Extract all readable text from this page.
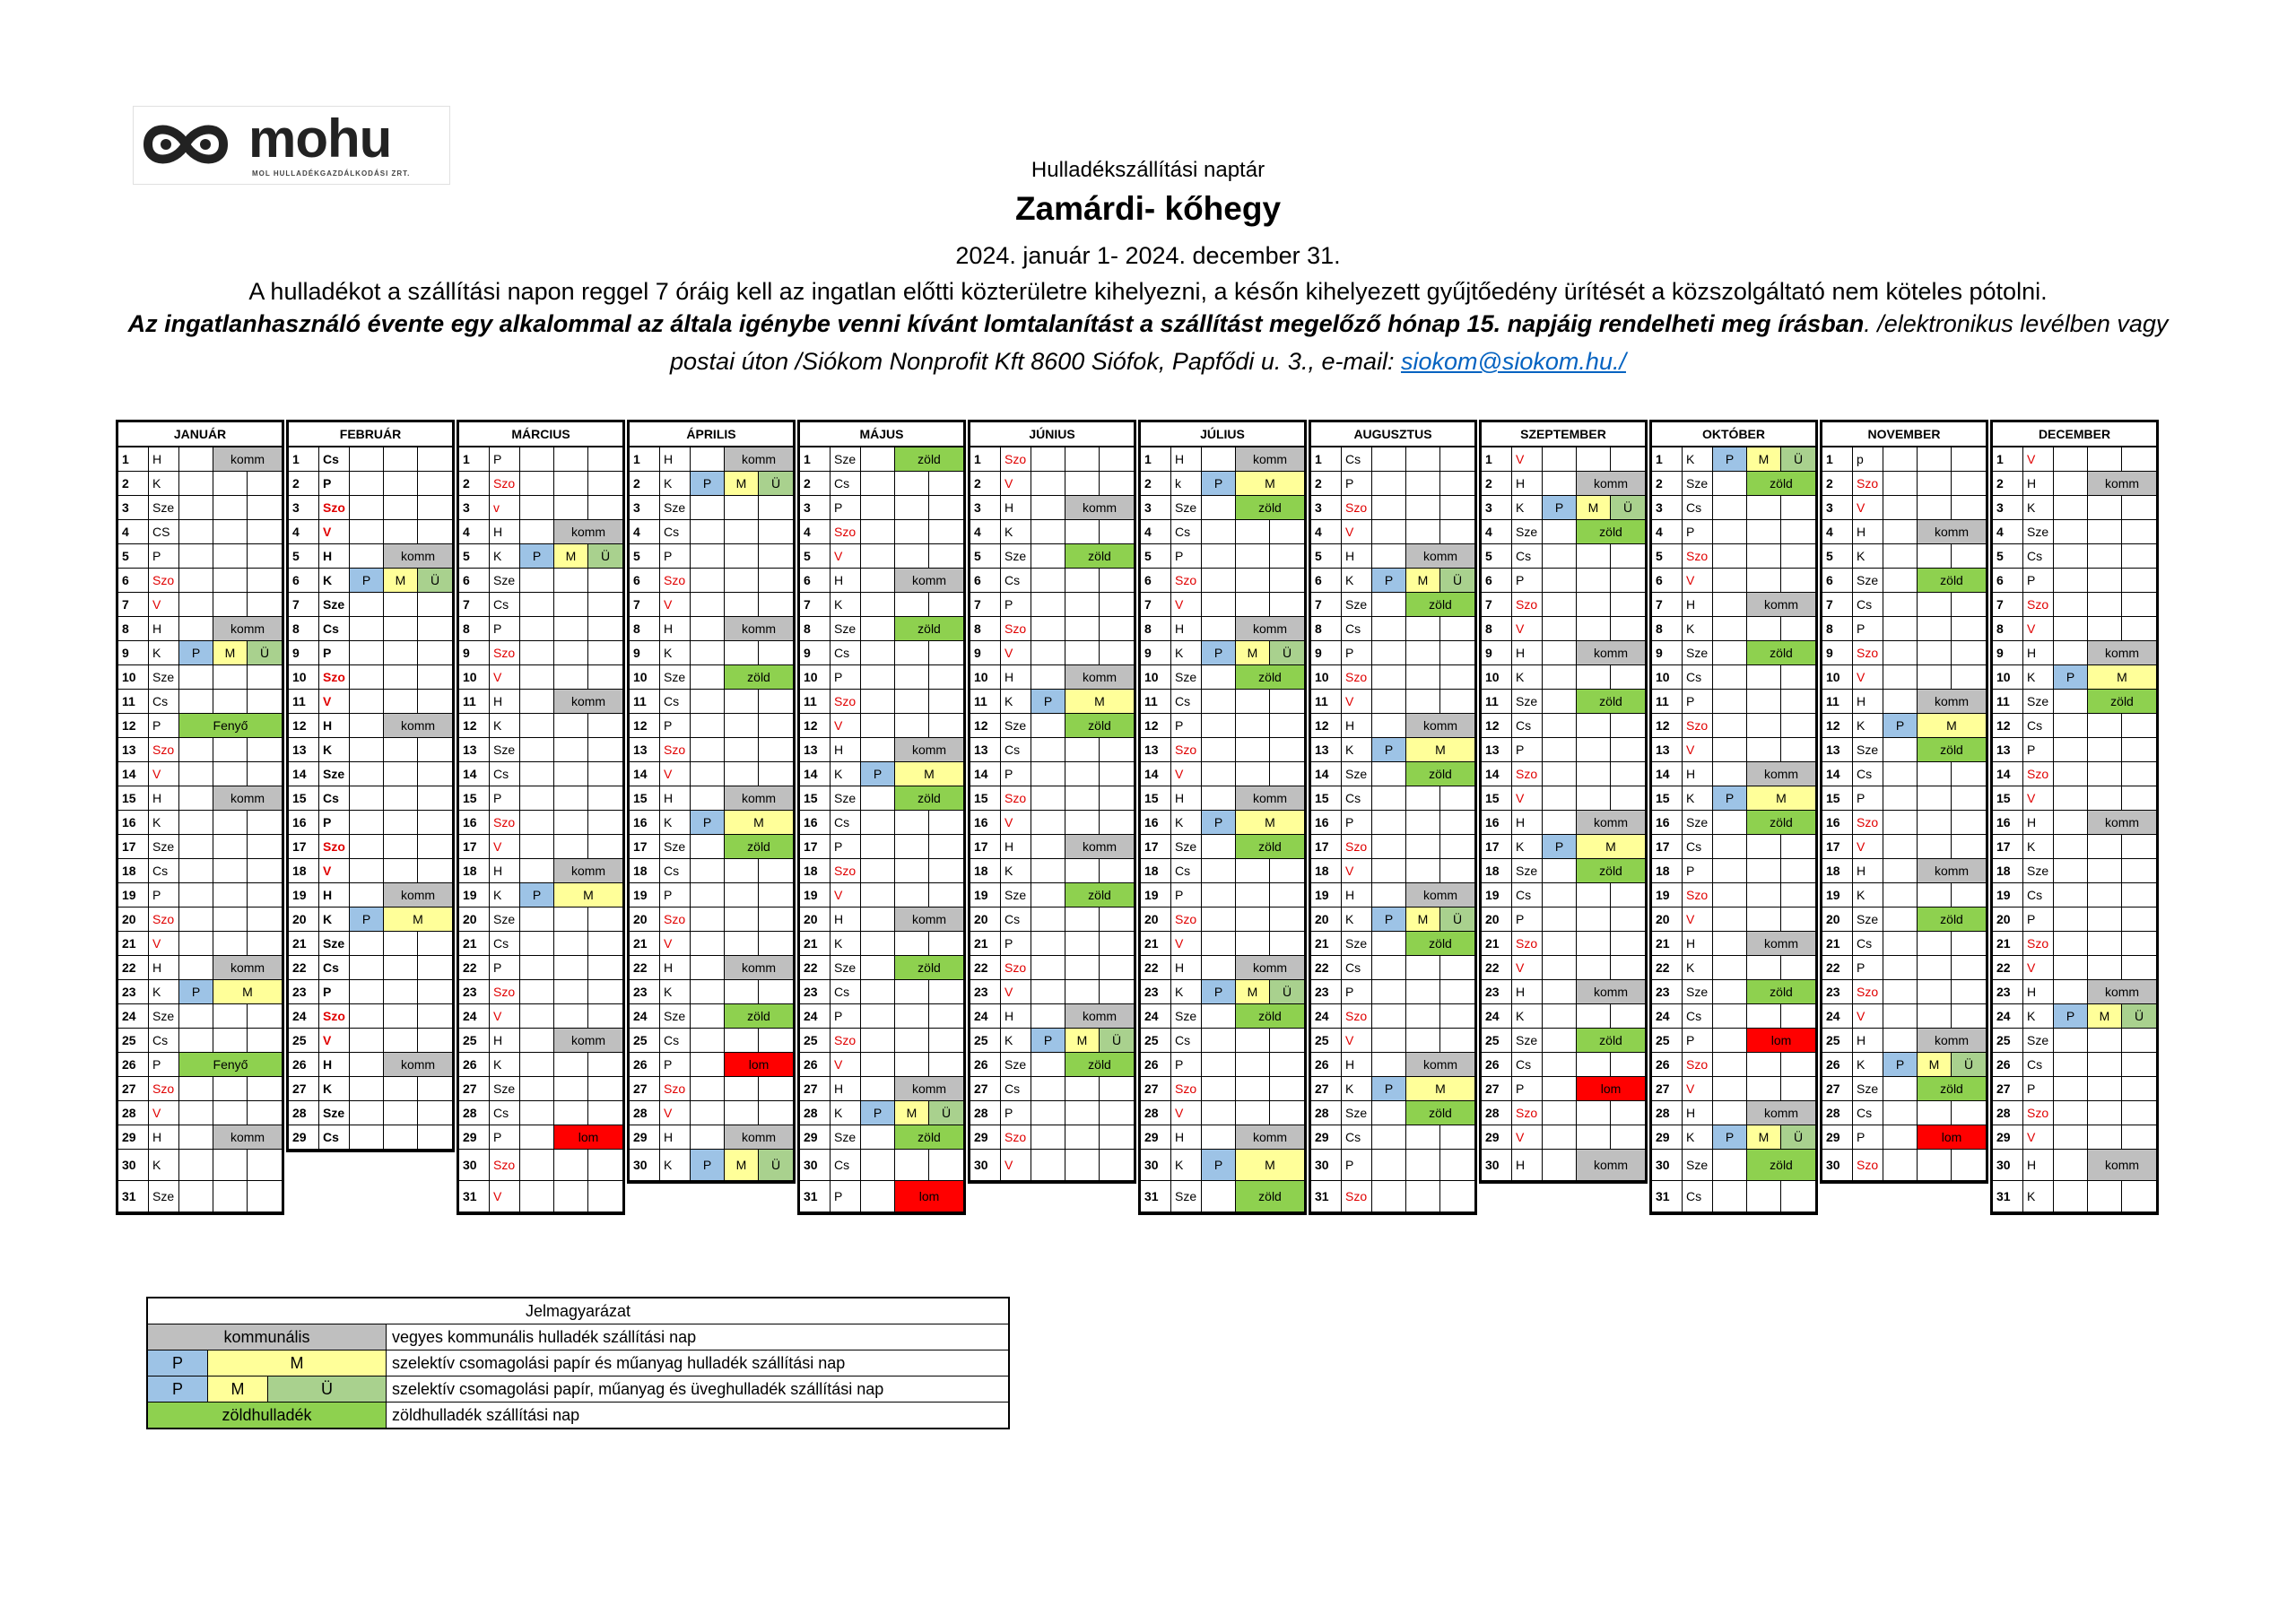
mohu
MOL HULLADÉKGAZDÁLKODÁSI ZRT.	Hulladékszállítási naptár
Zamárdi- kőhegy
2024. január 1- 2024. december 31.
A hulladékot a szállítási napon reggel 7 óráig kell az ingatlan előtti közterületre kihelyezni, a későn kihelyezett gyűjtőedény ürítését a közszolgáltató nem köteles pótolni.
Az ingatlanhasználó évente egy alkalommal az általa igénybe venni kívánt lomtalanítást a szállítást megelőző hónap 15. napjáig rendelheti meg írásban. /elektronikus levélben vagy
postai úton /Siókom Nonprofit Kft 8600 Siófok, Papfődi u. 3., e-mail: siokom@siokom.hu./
JANUÁR
1	H	komm
2	K
3	Sze
4	CS
5	P
6	Szo
7	V
8	H	komm
9	K	P	M	Ü
10	Sze
11	Cs
12	P	Fenyő
13	Szo
14	V
15	H	komm
16	K
17	Sze
18	Cs
19	P
20	Szo
21	V
22	H	komm
23	K	P	M
24	Sze
25	Cs
26	P	Fenyő
27	Szo
28	V
29	H	komm
30	K
31	Sze
FEBRUÁR
1	Cs
2	P
3	Szo
4	V
5	H	komm
6	K	P	M	Ü
7	Sze
8	Cs
9	P
10	Szo
11	V
12	H	komm
13	K
14	Sze
15	Cs
16	P
17	Szo
18	V
19	H	komm
20	K	P	M
21	Sze
22	Cs
23	P
24	Szo
25	V
26	H	komm
27	K
28	Sze
29	Cs
MÁRCIUS
1	P
2	Szo
3	v
4	H	komm
5	K	P	M	Ü
6	Sze
7	Cs
8	P
9	Szo
10	V
11	H	komm
12	K
13	Sze
14	Cs
15	P
16	Szo
17	V
18	H	komm
19	K	P	M
20	Sze
21	Cs
22	P
23	Szo
24	V
25	H	komm
26	K
27	Sze
28	Cs
29	P	lom
30	Szo
31	V
ÁPRILIS
1	H	komm
2	K	P	M	Ü
3	Sze
4	Cs
5	P
6	Szo
7	V
8	H	komm
9	K
10	Sze	zöld
11	Cs
12	P
13	Szo
14	V
15	H	komm
16	K	P	M
17	Sze	zöld
18	Cs
19	P
20	Szo
21	V
22	H	komm
23	K
24	Sze	zöld
25	Cs
26	P	lom
27	Szo
28	V
29	H	komm
30	K	P	M	Ü
MÁJUS
1	Sze	zöld
2	Cs
3	P
4	Szo
5	V
6	H	komm
7	K
8	Sze	zöld
9	Cs
10	P
11	Szo
12	V
13	H	komm
14	K	P	M
15	Sze	zöld
16	Cs
17	P
18	Szo
19	V
20	H	komm
21	K
22	Sze	zöld
23	Cs
24	P
25	Szo
26	V
27	H	komm
28	K	P	M	Ü
29	Sze	zöld
30	Cs
31	P	lom
JÚNIUS
1	Szo
2	V
3	H	komm
4	K
5	Sze	zöld
6	Cs
7	P
8	Szo
9	V
10	H	komm
11	K	P	M
12	Sze	zöld
13	Cs
14	P
15	Szo
16	V
17	H	komm
18	K
19	Sze	zöld
20	Cs
21	P
22	Szo
23	V
24	H	komm
25	K	P	M	Ü
26	Sze	zöld
27	Cs
28	P
29	Szo
30	V
JÚLIUS
1	H	komm
2	k	P	M
3	Sze	zöld
4	Cs
5	P
6	Szo
7	V
8	H	komm
9	K	P	M	Ü
10	Sze	zöld
11	Cs
12	P
13	Szo
14	V
15	H	komm
16	K	P	M
17	Sze	zöld
18	Cs
19	P
20	Szo
21	V
22	H	komm
23	K	P	M	Ü
24	Sze	zöld
25	Cs
26	P
27	Szo
28	V
29	H	komm
30	K	P	M
31	Sze	zöld
AUGUSZTUS
1	Cs
2	P
3	Szo
4	V
5	H	komm
6	K	P	M	Ü
7	Sze	zöld
8	Cs
9	P
10	Szo
11	V
12	H	komm
13	K	P	M
14	Sze	zöld
15	Cs
16	P
17	Szo
18	V
19	H	komm
20	K	P	M	Ü
21	Sze	zöld
22	Cs
23	P
24	Szo
25	V
26	H	komm
27	K	P	M
28	Sze	zöld
29	Cs
30	P
31	Szo
SZEPTEMBER
1	V
2	H	komm
3	K	P	M	Ü
4	Sze	zöld
5	Cs
6	P
7	Szo
8	V
9	H	komm
10	K
11	Sze	zöld
12	Cs
13	P
14	Szo
15	V
16	H	komm
17	K	P	M
18	Sze	zöld
19	Cs
20	P
21	Szo
22	V
23	H	komm
24	K
25	Sze	zöld
26	Cs
27	P	lom
28	Szo
29	V
30	H	komm
OKTÓBER
1	K	P	M	Ü
2	Sze	zöld
3	Cs
4	P
5	Szo
6	V
7	H	komm
8	K
9	Sze	zöld
10	Cs
11	P
12	Szo
13	V
14	H	komm
15	K	P	M
16	Sze	zöld
17	Cs
18	P
19	Szo
20	V
21	H	komm
22	K
23	Sze	zöld
24	Cs
25	P	lom
26	Szo
27	V
28	H	komm
29	K	P	M	Ü
30	Sze	zöld
31	Cs
NOVEMBER
1	p
2	Szo
3	V
4	H	komm
5	K
6	Sze	zöld
7	Cs
8	P
9	Szo
10	V
11	H	komm
12	K	P	M
13	Sze	zöld
14	Cs
15	P
16	Szo
17	V
18	H	komm
19	K
20	Sze	zöld
21	Cs
22	P
23	Szo
24	V
25	H	komm
26	K	P	M	Ü
27	Sze	zöld
28	Cs
29	P	lom
30	Szo
DECEMBER
1	V
2	H	komm
3	K
4	Sze
5	Cs
6	P
7	Szo
8	V
9	H	komm
10	K	P	M
11	Sze	zöld
12	Cs
13	P
14	Szo
15	V
16	H	komm
17	K
18	Sze
19	Cs
20	P
21	Szo
22	V
23	H	komm
24	K	P	M	Ü
25	Sze
26	Cs
27	P
28	Szo
29	V
30	H	komm
31	K
Jelmagyarázat
kommunális	vegyes kommunális hulladék szállítási nap
P	M	szelektív csomagolási papír és műanyag hulladék szállítási nap
P	M	Ü	szelektív csomagolási papír, műanyag és üveghulladék szállítási nap
zöldhulladék	zöldhulladék szállítási nap
